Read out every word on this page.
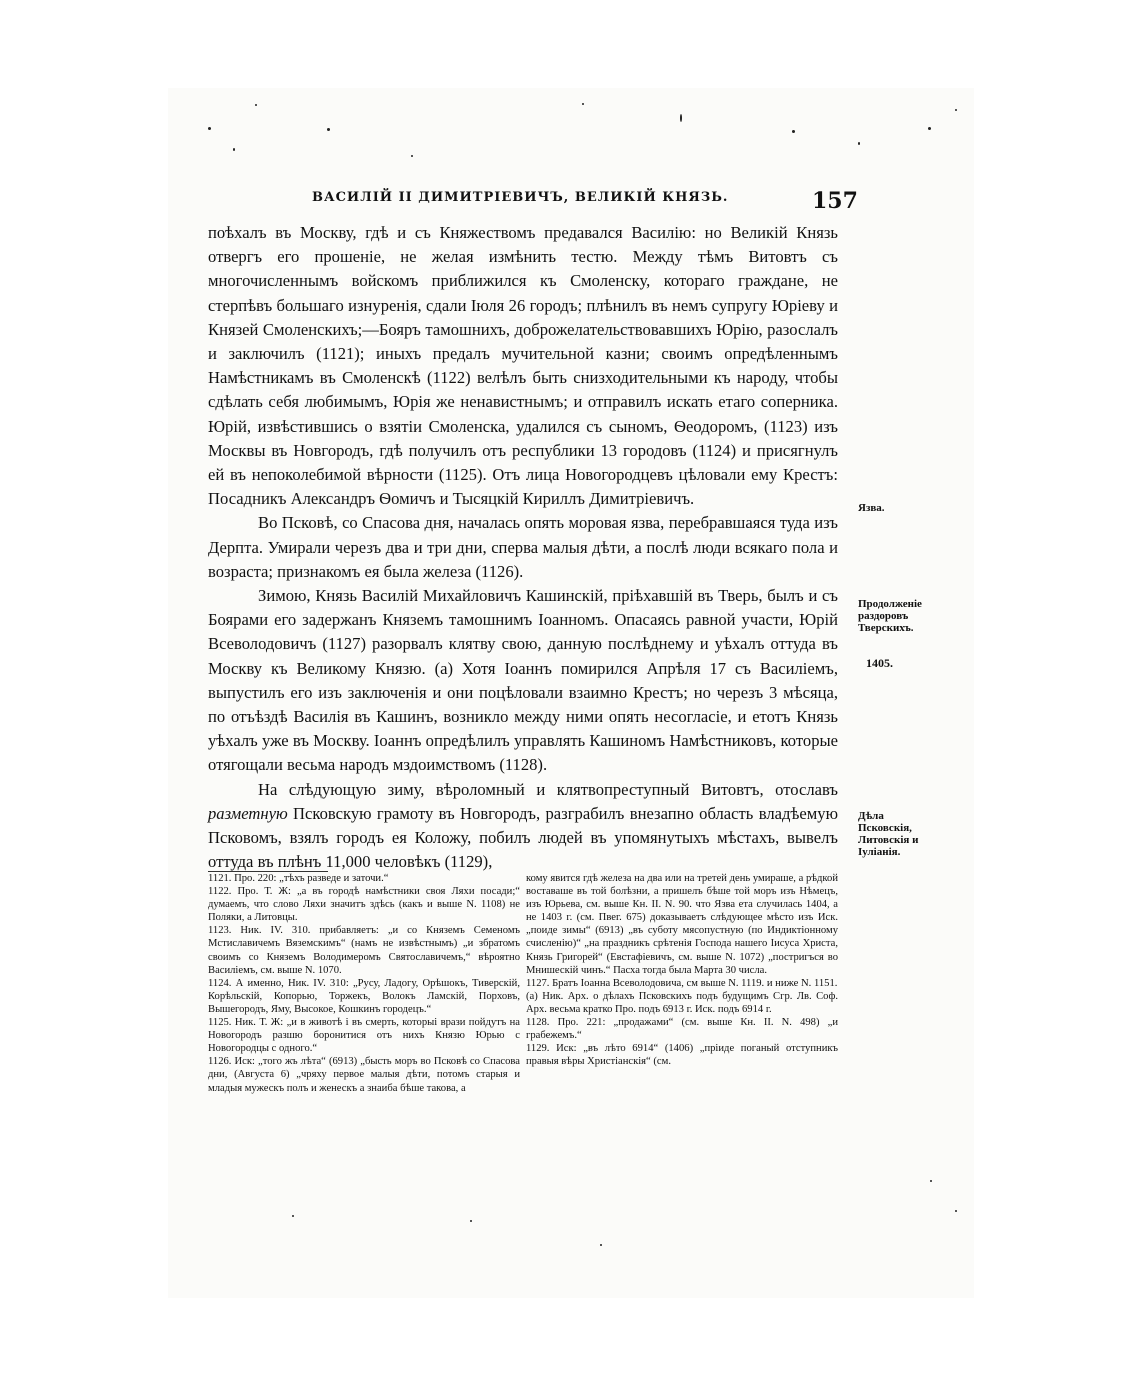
ВАСИЛІЙ II ДИМИТРІЕВИЧЪ, ВЕЛИКІЙ КНЯЗЬ.	157

поѣхалъ въ Москву, гдѣ и съ Княжествомъ предавался Василію: но Великій Князь отвергъ его прошеніе, не желая измѣнить тестю. Между тѣмъ Витовтъ съ многочисленнымъ войскомъ приближился къ Смоленску, котораго граждане, не стерпѣвъ большаго изнуренія, сдали Іюля 26 городъ; плѣнилъ въ немъ супругу Юріеву и Князей Смоленскихъ;—Бояръ тамошнихъ, доброжелательствовавшихъ Юрію, разослалъ и заключилъ (1121); иныхъ предалъ мучительной казни; своимъ опредѣленнымъ Намѣстникамъ въ Смоленскѣ (1122) велѣлъ быть снизходительными къ народу, чтобы сдѣлать себя любимымъ, Юрія же ненавистнымъ; и отправилъ искать етаго соперника. Юрій, извѣстившись о взятіи Смоленска, удалился съ сыномъ, Ѳеодоромъ, (1123) изъ Москвы въ Новгородъ, гдѣ получилъ отъ республики 13 городовъ (1124) и присягнулъ ей въ непоколебимой вѣрности (1125). Отъ лица Новогородцевъ цѣловали ему Крестъ: Посадникъ Александръ Ѳомичъ и Тысяцкій Кириллъ Димитріевичъ.

Во Псковѣ, со Спасова дня, началась опять моровая язва, перебравшаяся туда изъ Дерпта. Умирали черезъ два и три дни, сперва малыя дѣти, а послѣ люди всякаго пола и возраста; признакомъ ея была железа (1126).

Зимою, Князь Василій Михайловичъ Кашинскій, пріѣхавшій въ Тверь, былъ и съ Боярами его задержанъ Княземъ тамошнимъ Іоанномъ. Опасаясь равной участи, Юрій Всеволодовичъ (1127) разорвалъ клятву свою, данную послѣднему и уѣхалъ оттуда въ Москву къ Великому Князю. (а) Хотя Іоаннъ помирился Апрѣля 17 съ Василіемъ, выпустилъ его изъ заключенія и они поцѣловали взаимно Крестъ; но черезъ 3 мѣсяца, по отъѣздѣ Василія въ Кашинъ, возникло между ними опять несогласіе, и етотъ Князь уѣхалъ уже въ Москву. Іоаннъ опредѣлилъ управлять Кашиномъ Намѣстниковъ, которые отягощали весьма народъ мздоимствомъ (1128).

На слѣдующую зиму, вѣроломный и клятвопреступный Витовтъ, отославъ разметную Псковскую грамоту въ Новгородъ, разграбилъ внезапно область владѣемую Псковомъ, взялъ городъ ея Коложу, побилъ людей въ упомянутыхъ мѣстахъ, вывелъ оттуда въ плѣнъ 11,000 человѣкъ (1129),

Язва.
Продолженіе раздоровъ Тверскихъ.
1405.
Дѣла Псковскія, Литовскія и Іуліанія.

1121. Про. 220: „тѣхъ разведе и заточи.“

1122. Про. Т. Ж: „а въ городѣ намѣстники своя Ляхи посади;“ думаемъ, что слово Ляхи значитъ здѣсь (какъ и выше N. 1108) не Поляки, а Литовцы.

1123. Ник. IV. 310. прибавляетъ: „и со Княземъ Семеномъ Мстиславичемъ Вяземскимъ“ (намъ не извѣстнымъ) „и збратомъ своимъ со Княземъ Володимеромъ Святославичемъ,“ вѣроятно Василіемъ, см. выше N. 1070.

1124. А именно, Ник. IV. 310: „Русу, Ладогу, Орѣшокъ, Тиверскій, Корѣльскій, Копорью, Торжекъ, Волокъ Ламскій, Порховъ, Вышегородъ, Яму, Высокое, Кошкинъ городецъ.“

1125. Ник. Т. Ж: „и в животѣ і въ смерть, которыі врази пойдутъ на Новогородъ разшю боронитися отъ нихъ Князю Юрью с Новогородцы с одного.“

1126. Иск: „того жъ лѣта“ (6913) „бысть моръ во Псковѣ со Спасова дни, (Августа 6) „чряху первое малыя дѣти, потомъ старыя и младыя мужескъ полъ и женескъ а знаиба бѣше такова, а

кому явится гдѣ железа на два или на третей день умираше, а рѣдкой воставаше въ той болѣзни, а пришелъ бѣше той моръ изъ Нѣмецъ, изъ Юрьева, см. выше Кн. II. N. 90. что Язва ета случилась 1404, а не 1403 г. (см. Пвег. 675) доказываетъ слѣдующее мѣсто изъ Иск. „поиде зимы“ (6913) „въ суботу мясопустную (по Индиктіонному счисленію)“ „на праздникъ срѣтенія Господа нашего Іисуса Христа, Князь Григорей“ (Евстафіевичъ, см. выше N. 1072) „постригъся во Мнишескій чинъ.“ Пасха тогда была Марта 30 числа.

1127. Братъ Іоанна Всеволодовича, см выше N. 1119. и ниже N. 1151.

(а) Ник. Арх. о дѣлахъ Псковскихъ подъ будущимъ Сгр. Лв. Соф. Арх. весьма кратко Про. подъ 6913 г. Иск. подъ 6914 г.

1128. Про. 221: „продажами“ (см. выше Кн. II. N. 498) „и грабежемъ.“

1129. Иск: „въ лѣто 6914“ (1406) „пріиде поганый отступникъ правыя вѣры Христіанскія“ (см.
